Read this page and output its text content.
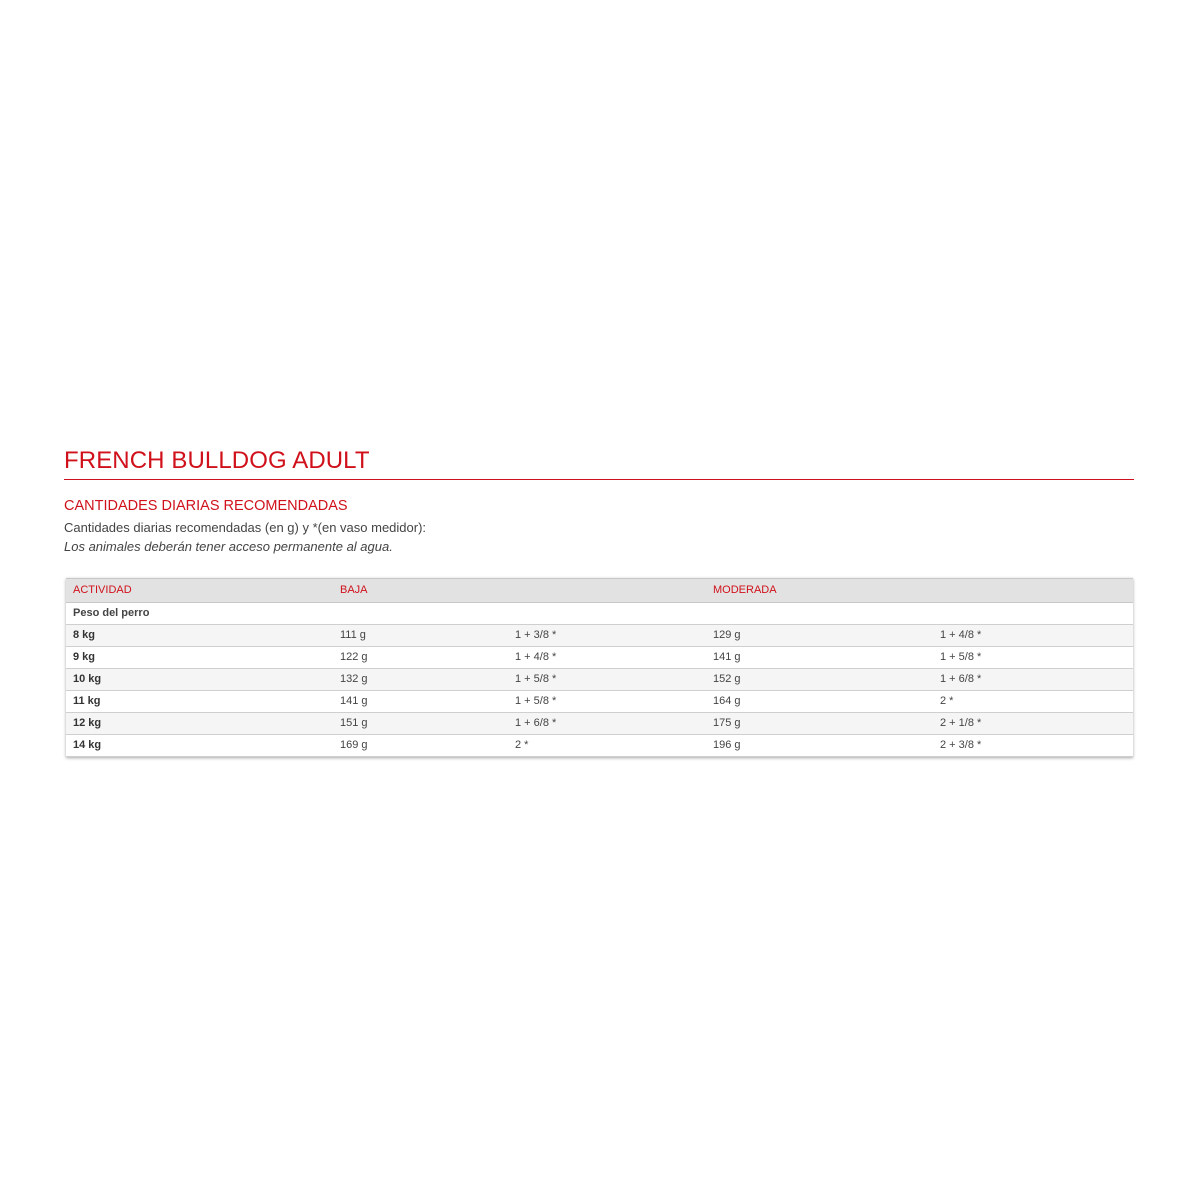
FRENCH BULLDOG ADULT
CANTIDADES DIARIAS RECOMENDADAS
Cantidades diarias recomendadas (en g) y *(en vaso medidor):
Los animales deberán tener acceso permanente al agua.
ACTIVIDAD	BAJA		MODERADA	
Peso del perro				
8 kg	111 g	1 + 3/8 *	129 g	1 + 4/8 *
9 kg	122 g	1 + 4/8 *	141 g	1 + 5/8 *
10 kg	132 g	1 + 5/8 *	152 g	1 + 6/8 *
11 kg	141 g	1 + 5/8 *	164 g	2 *
12 kg	151 g	1 + 6/8 *	175 g	2 + 1/8 *
14 kg	169 g	2 *	196 g	2 + 3/8 *
